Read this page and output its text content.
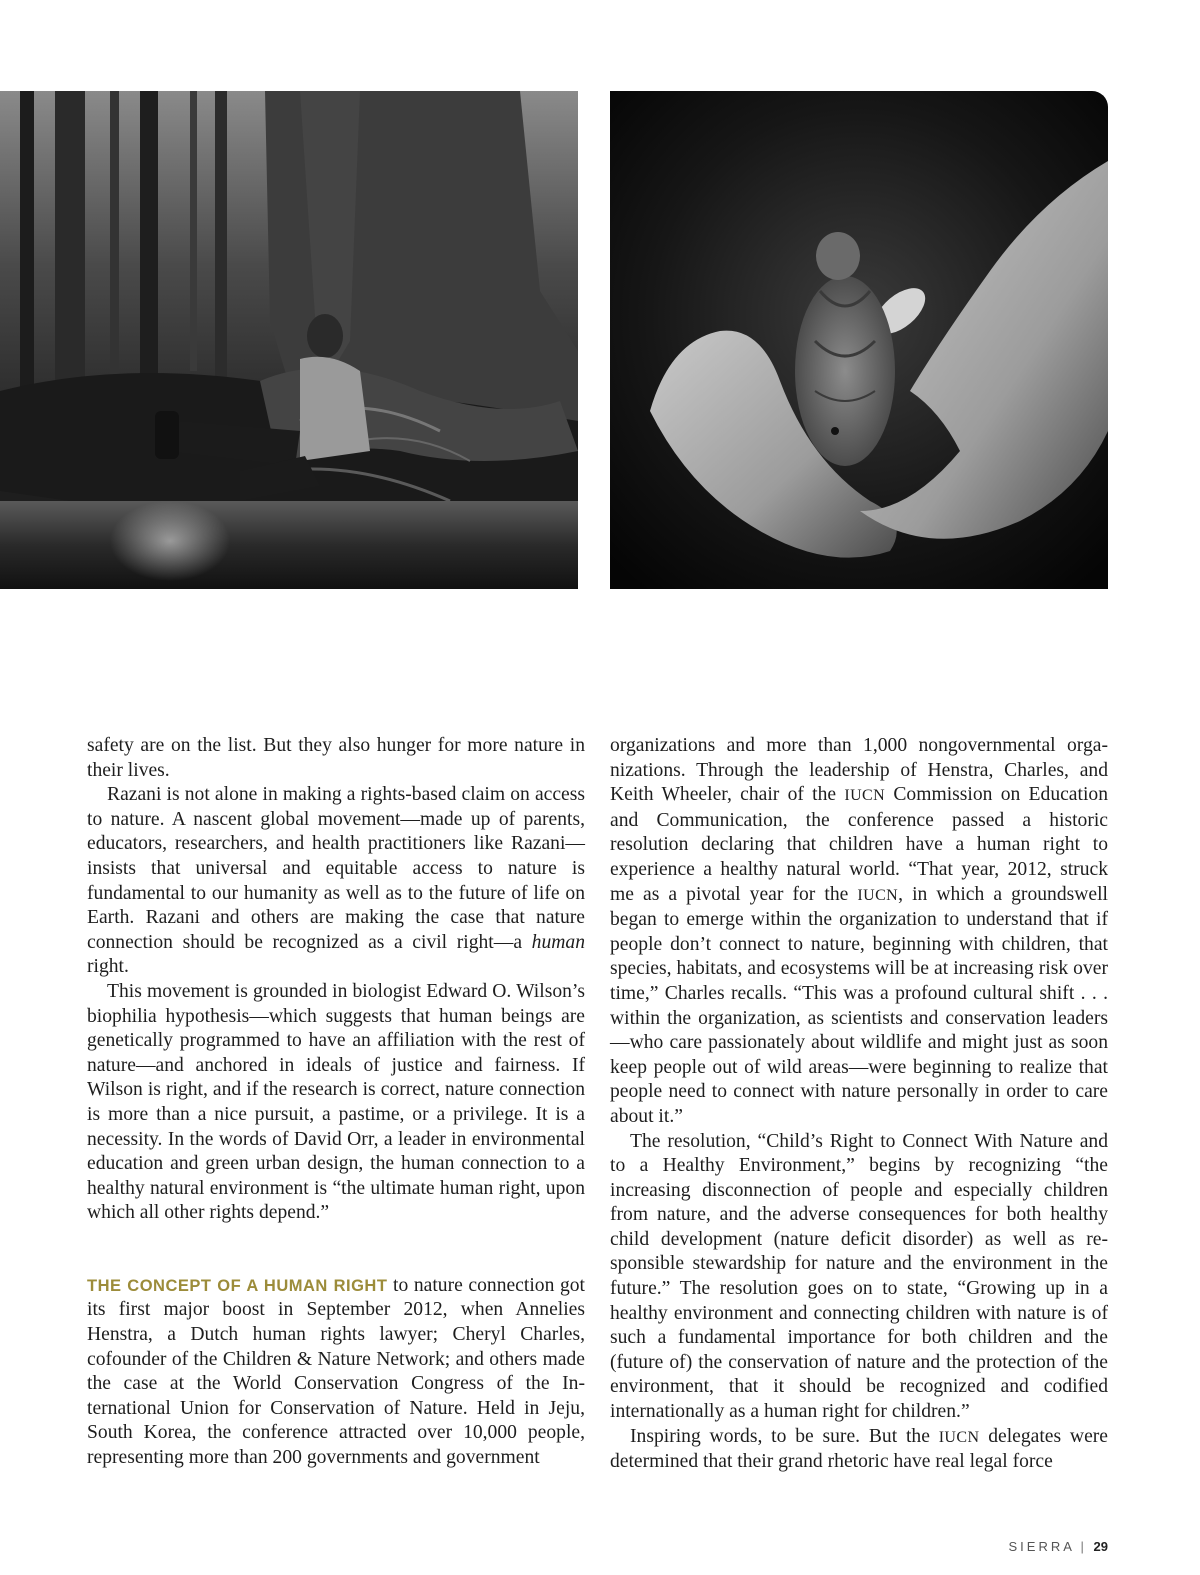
safety are on the list. But they also hunger for more nature in their lives.

Razani is not alone in making a rights-based claim on access to nature. A nascent global movement—made up of parents, educators, researchers, and health practitioners like Razani—insists that universal and equitable access to nature is fundamental to our humanity as well as to the future of life on Earth. Razani and others are making the case that nature connection should be recognized as a civil right—a human right.

This movement is grounded in biologist Edward O. Wilson’s biophilia hypothesis—which suggests that human beings are genetically programmed to have an affiliation with the rest of nature—and anchored in ideals of justice and fairness. If Wilson is right, and if the research is correct, nature connection is more than a nice pursuit, a pastime, or a privilege. It is a necessity. In the words of David Orr, a leader in environmental education and green urban design, the human connection to a healthy natural environment is “the ultimate human right, upon which all other rights depend.”

THE CONCEPT OF A HUMAN RIGHT to nature connection got its first major boost in September 2012, when Annelies Henstra, a Dutch human rights lawyer; Cheryl Charles, cofounder of the Children & Nature Network; and others made the case at the World Conservation Congress of the International Union for Conservation of Nature. Held in Jeju, South Korea, the conference attracted over 10,000 people, representing more than 200 governments and government

organizations and more than 1,000 nongovernmental organizations. Through the leadership of Henstra, Charles, and Keith Wheeler, chair of the IUCN Commission on Education and Communication, the conference passed a historic resolution declaring that children have a human right to experience a healthy natural world. “That year, 2012, struck me as a pivotal year for the IUCN, in which a groundswell began to emerge within the organization to understand that if people don’t connect to nature, beginning with children, that species, habitats, and ecosystems will be at increasing risk over time,” Charles recalls. “This was a profound cultural shift . . . within the organization, as scientists and conservation leaders—who care passionately about wildlife and might just as soon keep people out of wild areas—were beginning to realize that people need to connect with nature personally in order to care about it.”

The resolution, “Child’s Right to Connect With Nature and to a Healthy Environment,” begins by recognizing “the increasing disconnection of people and especially children from nature, and the adverse consequences for both healthy child development (nature deficit disorder) as well as responsible stewardship for nature and the environment in the future.” The resolution goes on to state, “Growing up in a healthy environment and connecting children with nature is of such a fundamental importance for both children and the (future of) the conservation of nature and the protection of the environment, that it should be recognized and codified internationally as a human right for children.”

Inspiring words, to be sure. But the IUCN delegates were determined that their grand rhetoric have real legal force

SIERRA | 29
